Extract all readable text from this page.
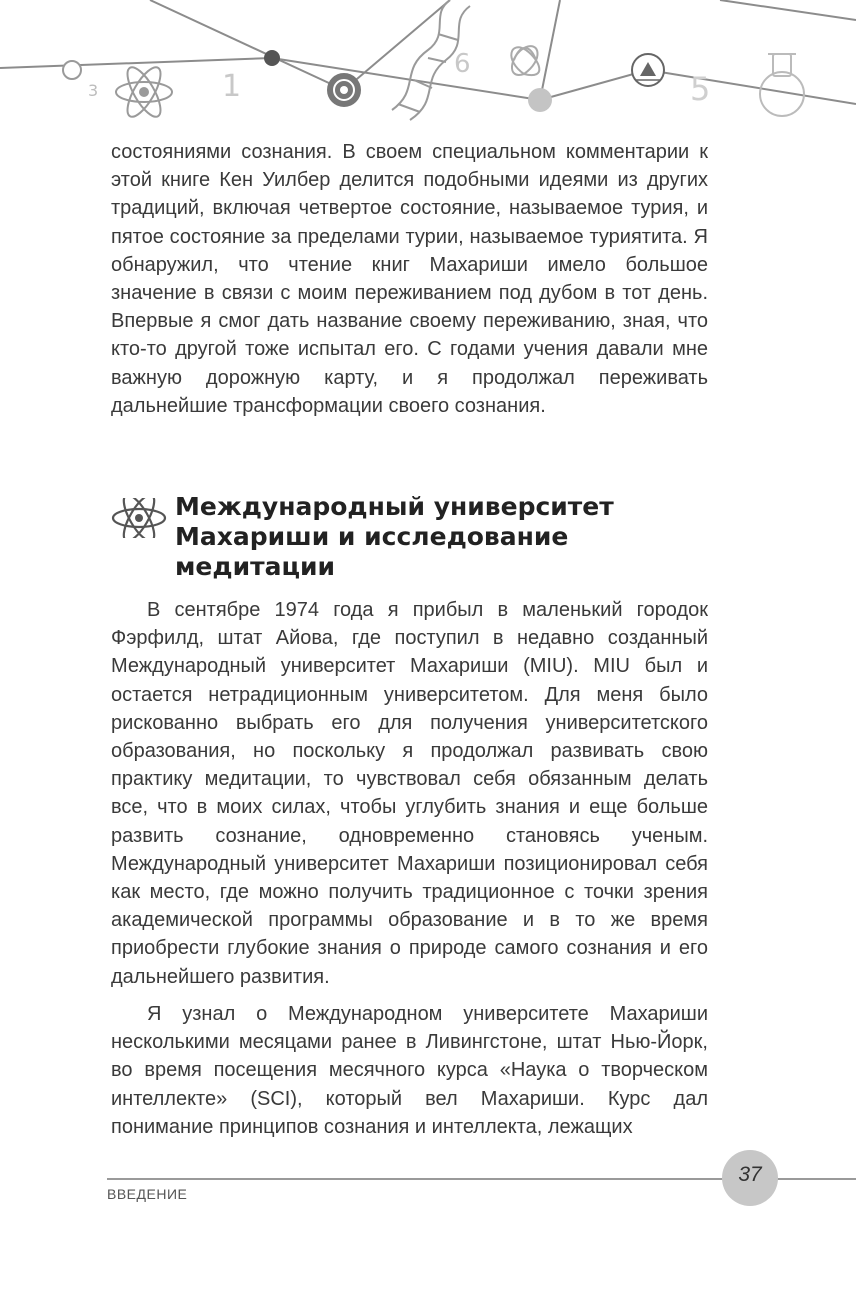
3	1
6
5

состояниями сознания. В своем специальном комментарии к этой книге Кен Уилбер делится подобными идеями из других традиций, включая четвертое состояние, называемое турия, и пятое состояние за пределами турии, называемое туриятита. Я обнаружил, что чтение книг Махариши имело большое значение в связи с моим переживанием под дубом в тот день. Впервые я смог дать название своему переживанию, зная, что кто-то другой тоже испытал его. С годами учения давали мне важную дорожную карту, и я продолжал переживать дальнейшие трансформации своего сознания.

Международный университет Махариши и исследование медитации

В сентябре 1974 года я прибыл в маленький городок Фэрфилд, штат Айова, где поступил в недавно созданный Международный университет Махариши (MIU). MIU был и остается нетрадиционным университетом. Для меня было рискованно выбрать его для получения университетского образования, но поскольку я продолжал развивать свою практику медитации, то чувствовал себя обязанным делать все, что в моих силах, чтобы углубить знания и еще больше развить сознание, одновременно становясь ученым. Международный университет Махариши позиционировал себя как место, где можно получить традиционное с точки зрения академической программы образование и в то же время приобрести глубокие знания о природе самого сознания и его дальнейшего развития.

Я узнал о Международном университете Махариши несколькими месяцами ранее в Ливингстоне, штат Нью-Йорк, во время посещения месячного курса «Наука о творческом интеллекте» (SCI), который вел Махариши. Курс дал понимание принципов сознания и интеллекта, лежащих

ВВЕДЕНИЕ
37
